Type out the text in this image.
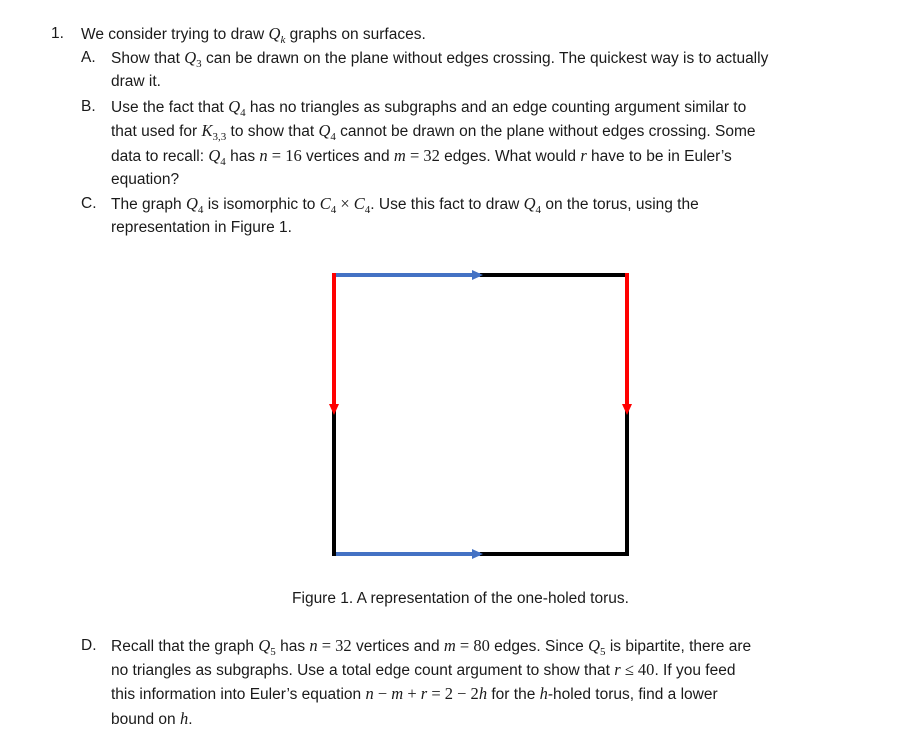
1. We consider trying to draw $Q_k$ graphs on surfaces.
A. Show that $Q_3$ can be drawn on the plane without edges crossing. The quickest way is to actually
draw it.
B. Use the fact that $Q_4$ has no triangles as subgraphs and an edge counting argument similar to
that used for $K_{3,3}$ to show that $Q_4$ cannot be drawn on the plane without edges crossing. Some
data to recall: $Q_4$ has n = 16 vertices and m = 32 edges. What would r have to be in Euler’s
equation?
C. The graph $Q_4$ is isomorphic to $C_4 \times C_4$. Use this fact to draw $Q_4$ on the torus, using the
representation in Figure 1.
Figure 1. A representation of the one-holed torus.
D. Recall that the graph $Q_5$ has n = 32 vertices and m = 80 edges. Since $Q_5$ is bipartite, there are
no triangles as subgraphs. Use a total edge count argument to show that r ≤ 40. If you feed
this information into Euler’s equation n − m + r = 2 − 2h for the h-holed torus, find a lower
bound on h.
